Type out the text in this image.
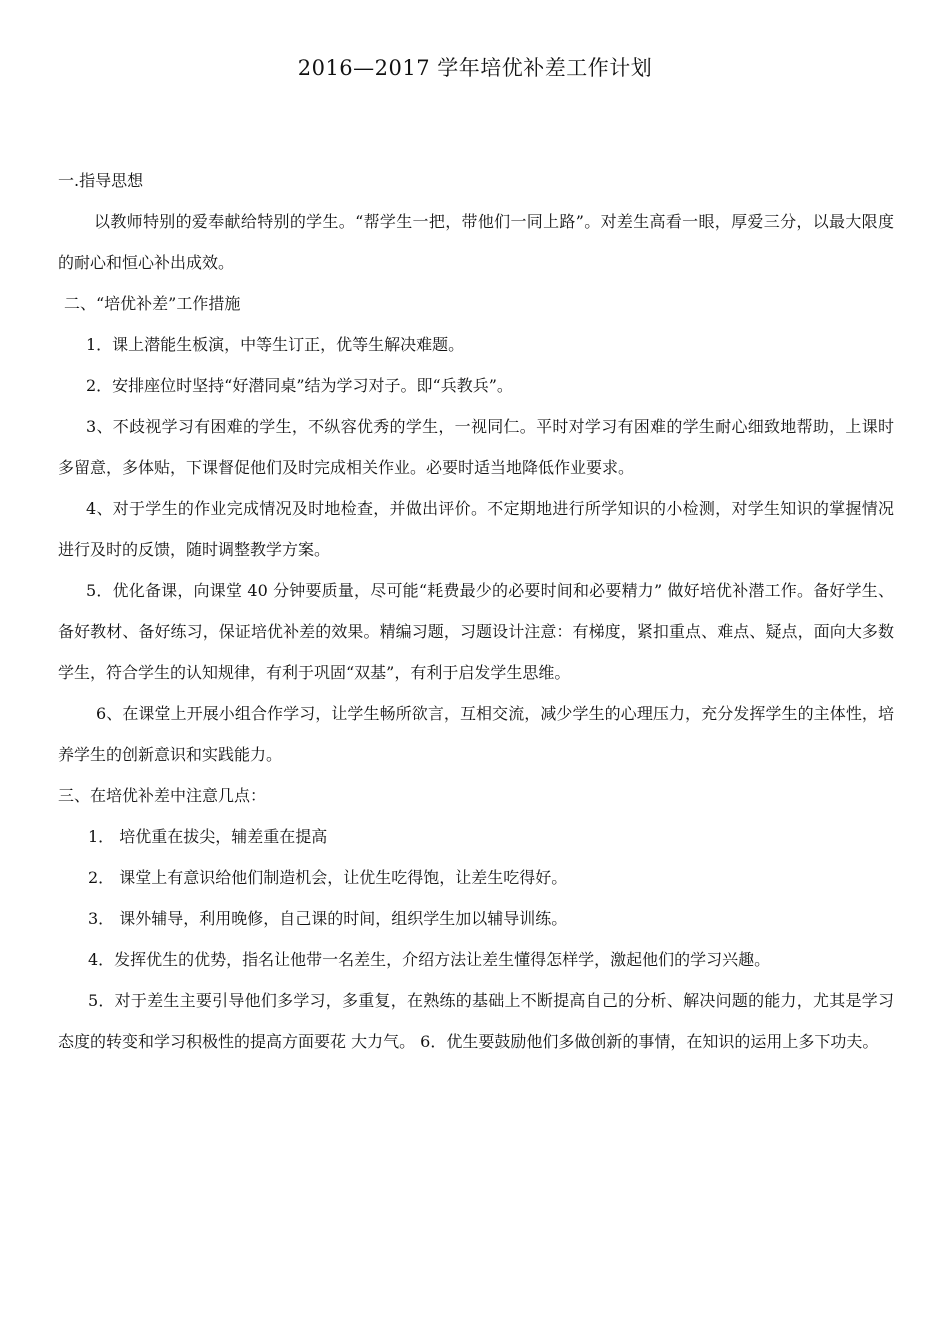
2016—2017 学年培优补差工作计划

一.指导思想

以教师特别的爱奉献给特别的学生。“帮学生一把，带他们一同上路”。对差生高看一眼，厚爱三分，以最大限度的耐心和恒心补出成效。

二、“培优补差”工作措施

1．课上潜能生板演，中等生订正，优等生解决难题。

2．安排座位时坚持“好潜同桌”结为学习对子。即“兵教兵”。

3、不歧视学习有困难的学生，不纵容优秀的学生，一视同仁。平时对学习有困难的学生耐心细致地帮助，上课时多留意，多体贴，下课督促他们及时完成相关作业。必要时适当地降低作业要求。

4、对于学生的作业完成情况及时地检查，并做出评价。不定期地进行所学知识的小检测，对学生知识的掌握情况进行及时的反馈，随时调整教学方案。

5．优化备课，向课堂 40 分钟要质量，尽可能“耗费最少的必要时间和必要精力” 做好培优补潜工作。备好学生、备好教材、备好练习，保证培优补差的效果。精编习题，习题设计注意：有梯度，紧扣重点、难点、疑点，面向大多数学生，符合学生的认知规律，有利于巩固“双基”，有利于启发学生思维。

6、在课堂上开展小组合作学习，让学生畅所欲言，互相交流，减少学生的心理压力，充分发挥学生的主体性，培养学生的创新意识和实践能力。

三、在培优补差中注意几点：

1． 培优重在拔尖，辅差重在提高

2． 课堂上有意识给他们制造机会，让优生吃得饱，让差生吃得好。

3． 课外辅导，利用晚修，自己课的时间，组织学生加以辅导训练。

4．发挥优生的优势，指名让他带一名差生，介绍方法让差生懂得怎样学，激起他们的学习兴趣。

5．对于差生主要引导他们多学习，多重复，在熟练的基础上不断提高自己的分析、解决问题的能力，尤其是学习态度的转变和学习积极性的提高方面要花 大力气。 6．优生要鼓励他们多做创新的事情，在知识的运用上多下功夫。
